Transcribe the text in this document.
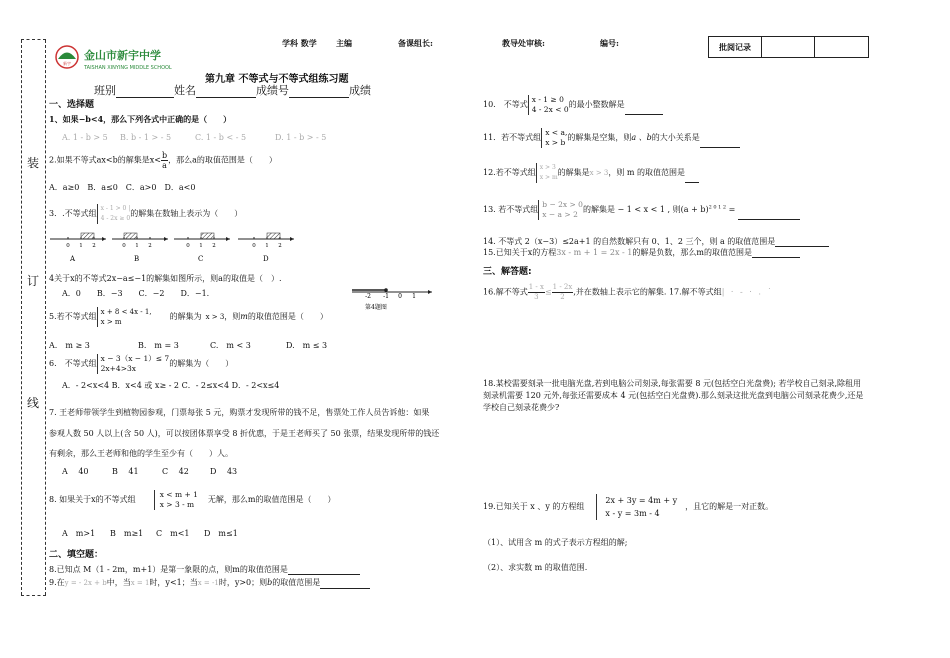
学科 数学 主编	备课组长:	教导处审核:	编号:	批阅记录
新宇
金山市新宇中学
TAISHAN XINYING MIDDLE SCHOOL
装
订
线
第九章 不等式与不等式组练习题
班别	姓名	成绩号	成绩
一、选择题
1、如果−b<4，那么下列各式中正确的是（　　）
A. 1 - b > 5 B. b - 1 > - 5	C. 1 - b < - 5	D. 1 - b > - 5
2.如果不等式ax<b的解集是$x< \frac{b}{a}$ ，那么a的取值范围是（　　）
A．a≥0　B．a≤0　C．a>0　D．a<0
3．.不等式组
x - 1 > 0 |
4 - 2x ≥ 0
的解集在数轴上表示为（　　）
0 1 2
A
0 1 2
B
0 1 2
C
0 1 2
D
4关于x的不等式2x−a≤−1的解集如图所示，则a的取值是（　）.
A．0　　B．−3　　C．−2　　D．−1.	-2 -1 0 1
第4题图
5.若不等式组 x + 8 < 4x - 1,
x > m
的解集为 x > 3，则m的取值范围是（　　）
A.　m ≥ 3	B.　m = 3	C.　m < 3	D.　m ≤ 3
6.　不等式组
x − 3（x − 1）≤ 7
2x+4>3x
的解集为（　　）
A．- 2<x<4 B．x<4 或 x≥ - 2 C．- 2≤x<4 D．- 2<x≤4
7. 王老师带领学生到植物园参观，门票每张 5 元，购票才发现所带的钱不足，售票处工作人员告诉他：如果
参观人数 50 人以上(含 50 人)，可以按团体票享受 8 折优惠，于是王老师买了 50 张票，结果发现所带的钱还
有剩余，那么王老师和他的学生至少有（　　）人。
A　 40	B　 41	C　 42	D　 43
8. 如果关于x的不等式组
x < m + 1
x > 3 - m
无解，那么m的取值范围是（　　）
A　m>1 B　m≥1 C　m<1 D　m≤1
二、填空题：
8.已知点 M（1 - 2m，m+1）是第一象限的点，则m的取值范围是
9.在y = - 2x + b中，当x = 1时，y<1；当x = -1时，y>0；则b的取值范围是
10.　不等式
x - 1 ≥ 0
4 - 2x < 0
的最小整数解是
11．若不等式组
x < a,
x > b
的解集是空集，则a 、b的大小关系是
12.若不等式组
x > 3
x > m
的解集是x > 3，则 m 的取值范围是
13. 若不等式组
b − 2x > 0
x − a > 2
的解集是 − 1 < x < 1 , 则$(a + b)^{2 0 1 2}$ =
14. 不等式 2（x−3）≤2a+1 的自然数解只有 0、1、2 三个，则 a 的取值范围是
15.已知关于x的方程3x - m + 1 = 2x - 1的解是负数，那么m的取值范围是
三、解答题:
16.解不等式 $\frac{1 - x}{3} \le \frac{1 - 2x}{2}$ ,并在数轴上表示它的解集. 17.解不等式组| · ‑ · . ˙
18.某校需要刻录一批电脑光盘,若到电脑公司刻录,每张需要 8 元(包括空白光盘费); 若学校自己刻录,除租用
刻录机需要 120 元外,每张还需要成本 4 元(包括空白光盘费).那么刻录这批光盘到电脑公司刻录花费少,还是
学校自己刻录花费少?
19.已知关于 x 、y 的方程组
2x + 3y = 4m + y
x - y = 3m - 4
，且它的解是一对正数。
（1）、试用含 m 的式子表示方程组的解;
（2）、求实数 m 的取值范围.
